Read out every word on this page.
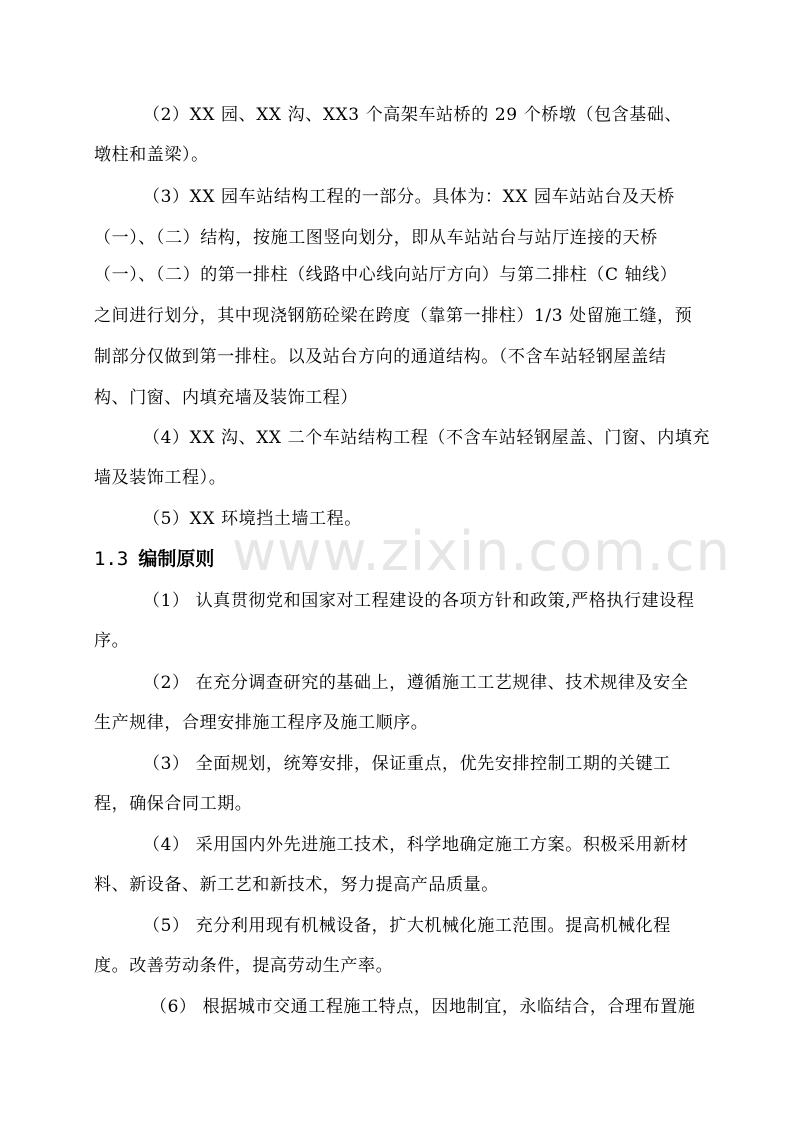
www.zixin.com.cn
（2）XX 园、XX 沟、XX3 个高架车站桥的 29 个桥墩（包含基础、
墩柱和盖梁）。
（3）XX 园车站结构工程的一部分。具体为：XX 园车站站台及天桥
（一）、（二）结构，按施工图竖向划分，即从车站站台与站厅连接的天桥
（一）、（二）的第一排柱（线路中心线向站厅方向）与第二排柱（C 轴线）
之间进行划分，其中现浇钢筋砼梁在跨度（靠第一排柱）1/3 处留施工缝，预
制部分仅做到第一排柱。以及站台方向的通道结构。（不含车站轻钢屋盖结
构、门窗、内填充墙及装饰工程）
（4）XX 沟、XX 二个车站结构工程（不含车站轻钢屋盖、门窗、内填充
墙及装饰工程）。
（5）XX 环境挡土墙工程。
1.3 编制原则
（1） 认真贯彻党和国家对工程建设的各项方针和政策,严格执行建设程
序。
（2） 在充分调查研究的基础上，遵循施工工艺规律、技术规律及安全
生产规律，合理安排施工程序及施工顺序。
（3） 全面规划，统筹安排，保证重点，优先安排控制工期的关键工
程，确保合同工期。
（4） 采用国内外先进施工技术，科学地确定施工方案。积极采用新材
料、新设备、新工艺和新技术，努力提高产品质量。
（5） 充分利用现有机械设备，扩大机械化施工范围。提高机械化程
度。改善劳动条件，提高劳动生产率。
（6） 根据城市交通工程施工特点，因地制宜，永临结合，合理布置施
